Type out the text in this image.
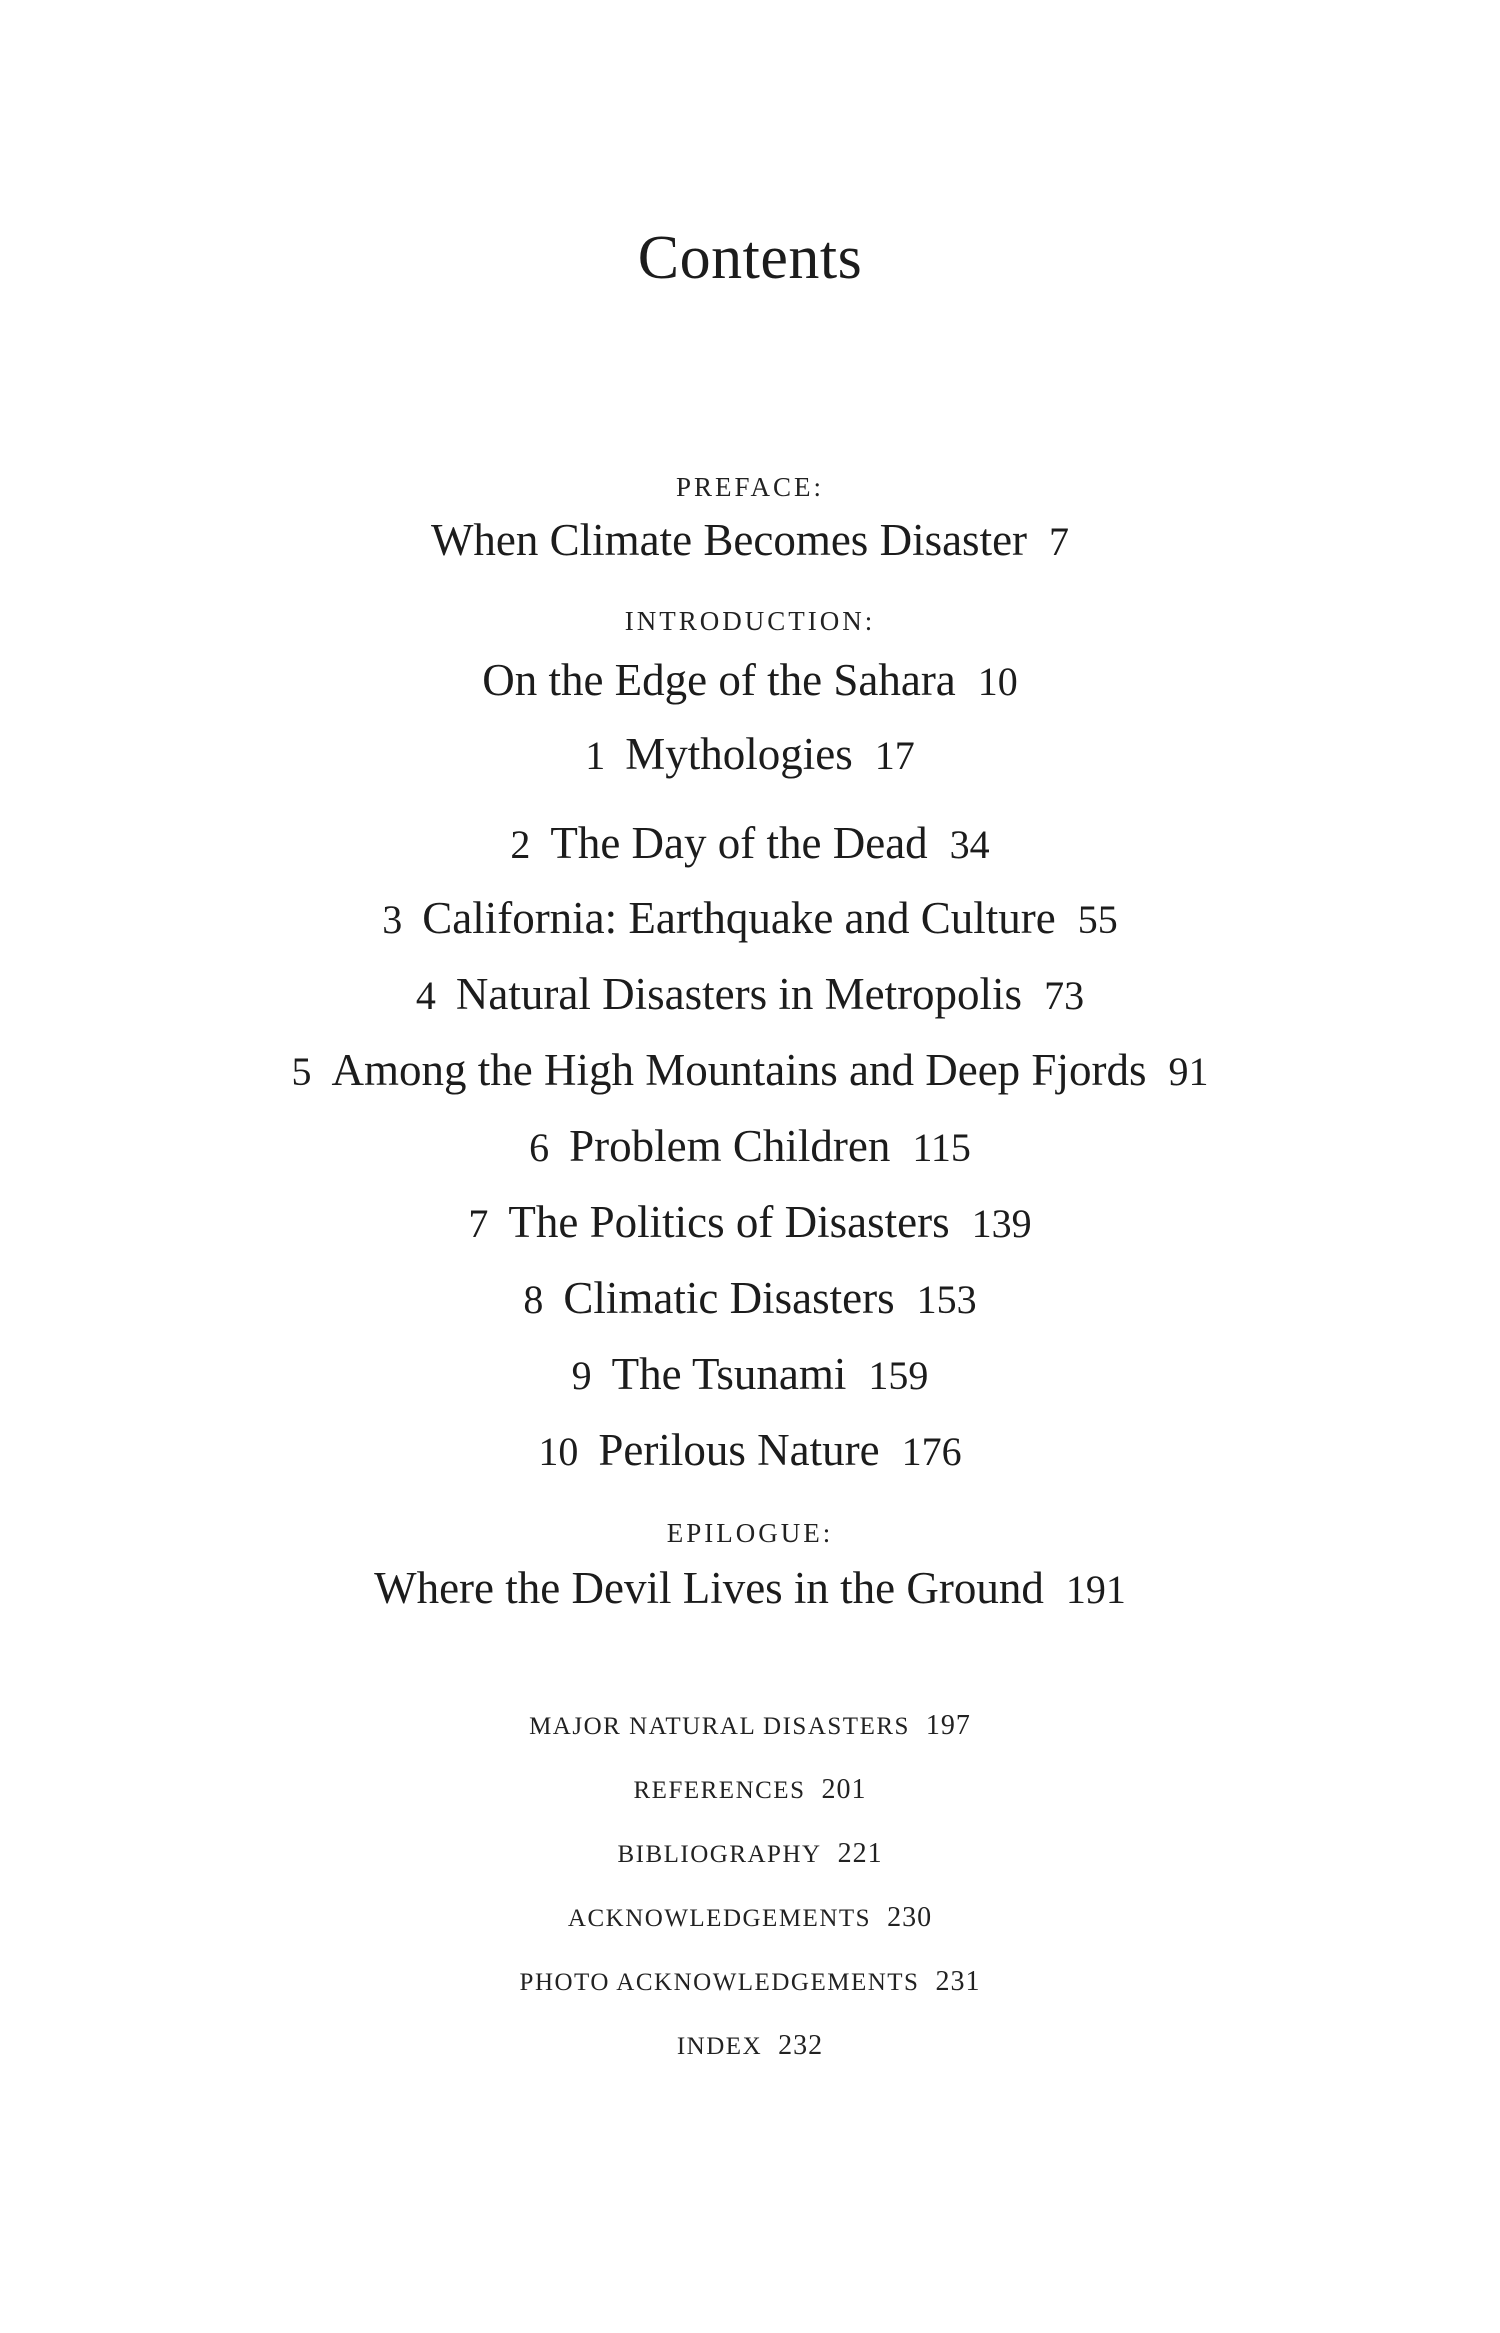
Contents
PREFACE:
When Climate Becomes Disaster 7
INTRODUCTION:
On the Edge of the Sahara 10
1 Mythologies 17
2 The Day of the Dead 34
3 California: Earthquake and Culture 55
4 Natural Disasters in Metropolis 73
5 Among the High Mountains and Deep Fjords 91
6 Problem Children 115
7 The Politics of Disasters 139
8 Climatic Disasters 153
9 The Tsunami 159
10 Perilous Nature 176
EPILOGUE:
Where the Devil Lives in the Ground 191
MAJOR NATURAL DISASTERS 197
REFERENCES 201
BIBLIOGRAPHY 221
ACKNOWLEDGEMENTS 230
PHOTO ACKNOWLEDGEMENTS 231
INDEX 232
